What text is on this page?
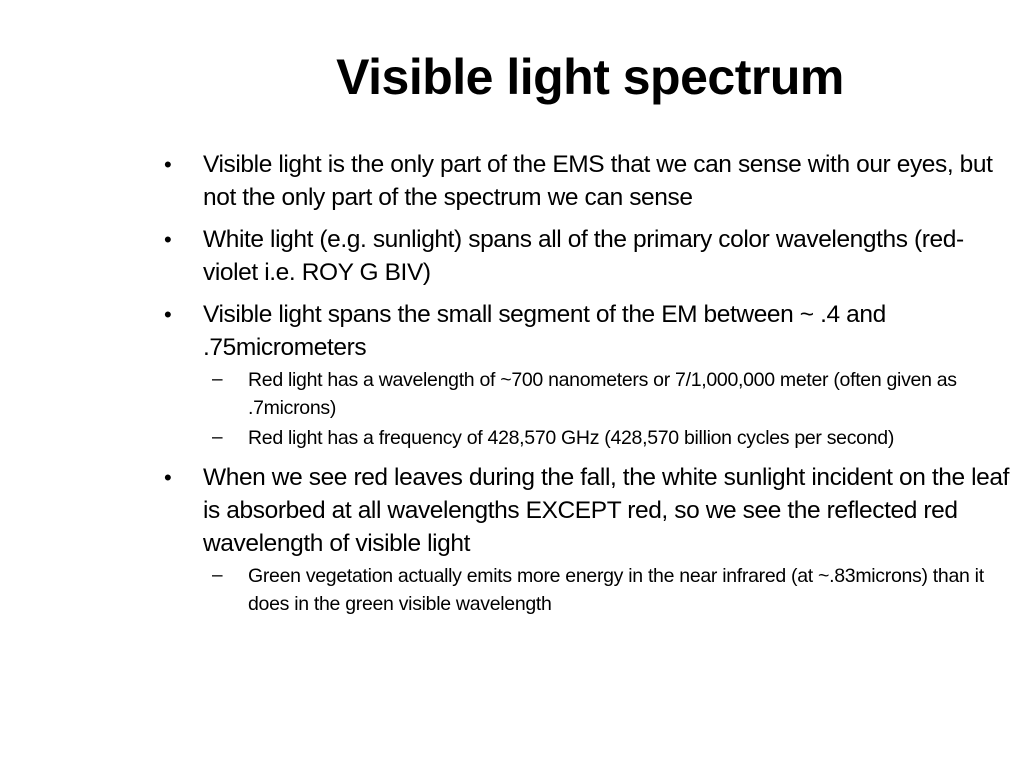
Visible light spectrum
• Visible light is the only part of the EMS that we can sense with our eyes, but not the only part of the spectrum we can sense
• White light (e.g. sunlight) spans all of the primary color wavelengths (red-violet i.e. ROY G BIV)
• Visible light spans the small segment of the EM between ~ .4 and .75micrometers
– Red light has a wavelength of ~700 nanometers or 7/1,000,000 meter (often given as .7microns)
– Red light has a frequency of 428,570 GHz (428,570 billion cycles per second)
• When we see red leaves during the fall, the white sunlight incident on the leaf is absorbed at all wavelengths EXCEPT red, so we see the reflected red wavelength of visible light
– Green vegetation actually emits more energy in the near infrared (at ~.83microns) than it does in the green visible wavelength
